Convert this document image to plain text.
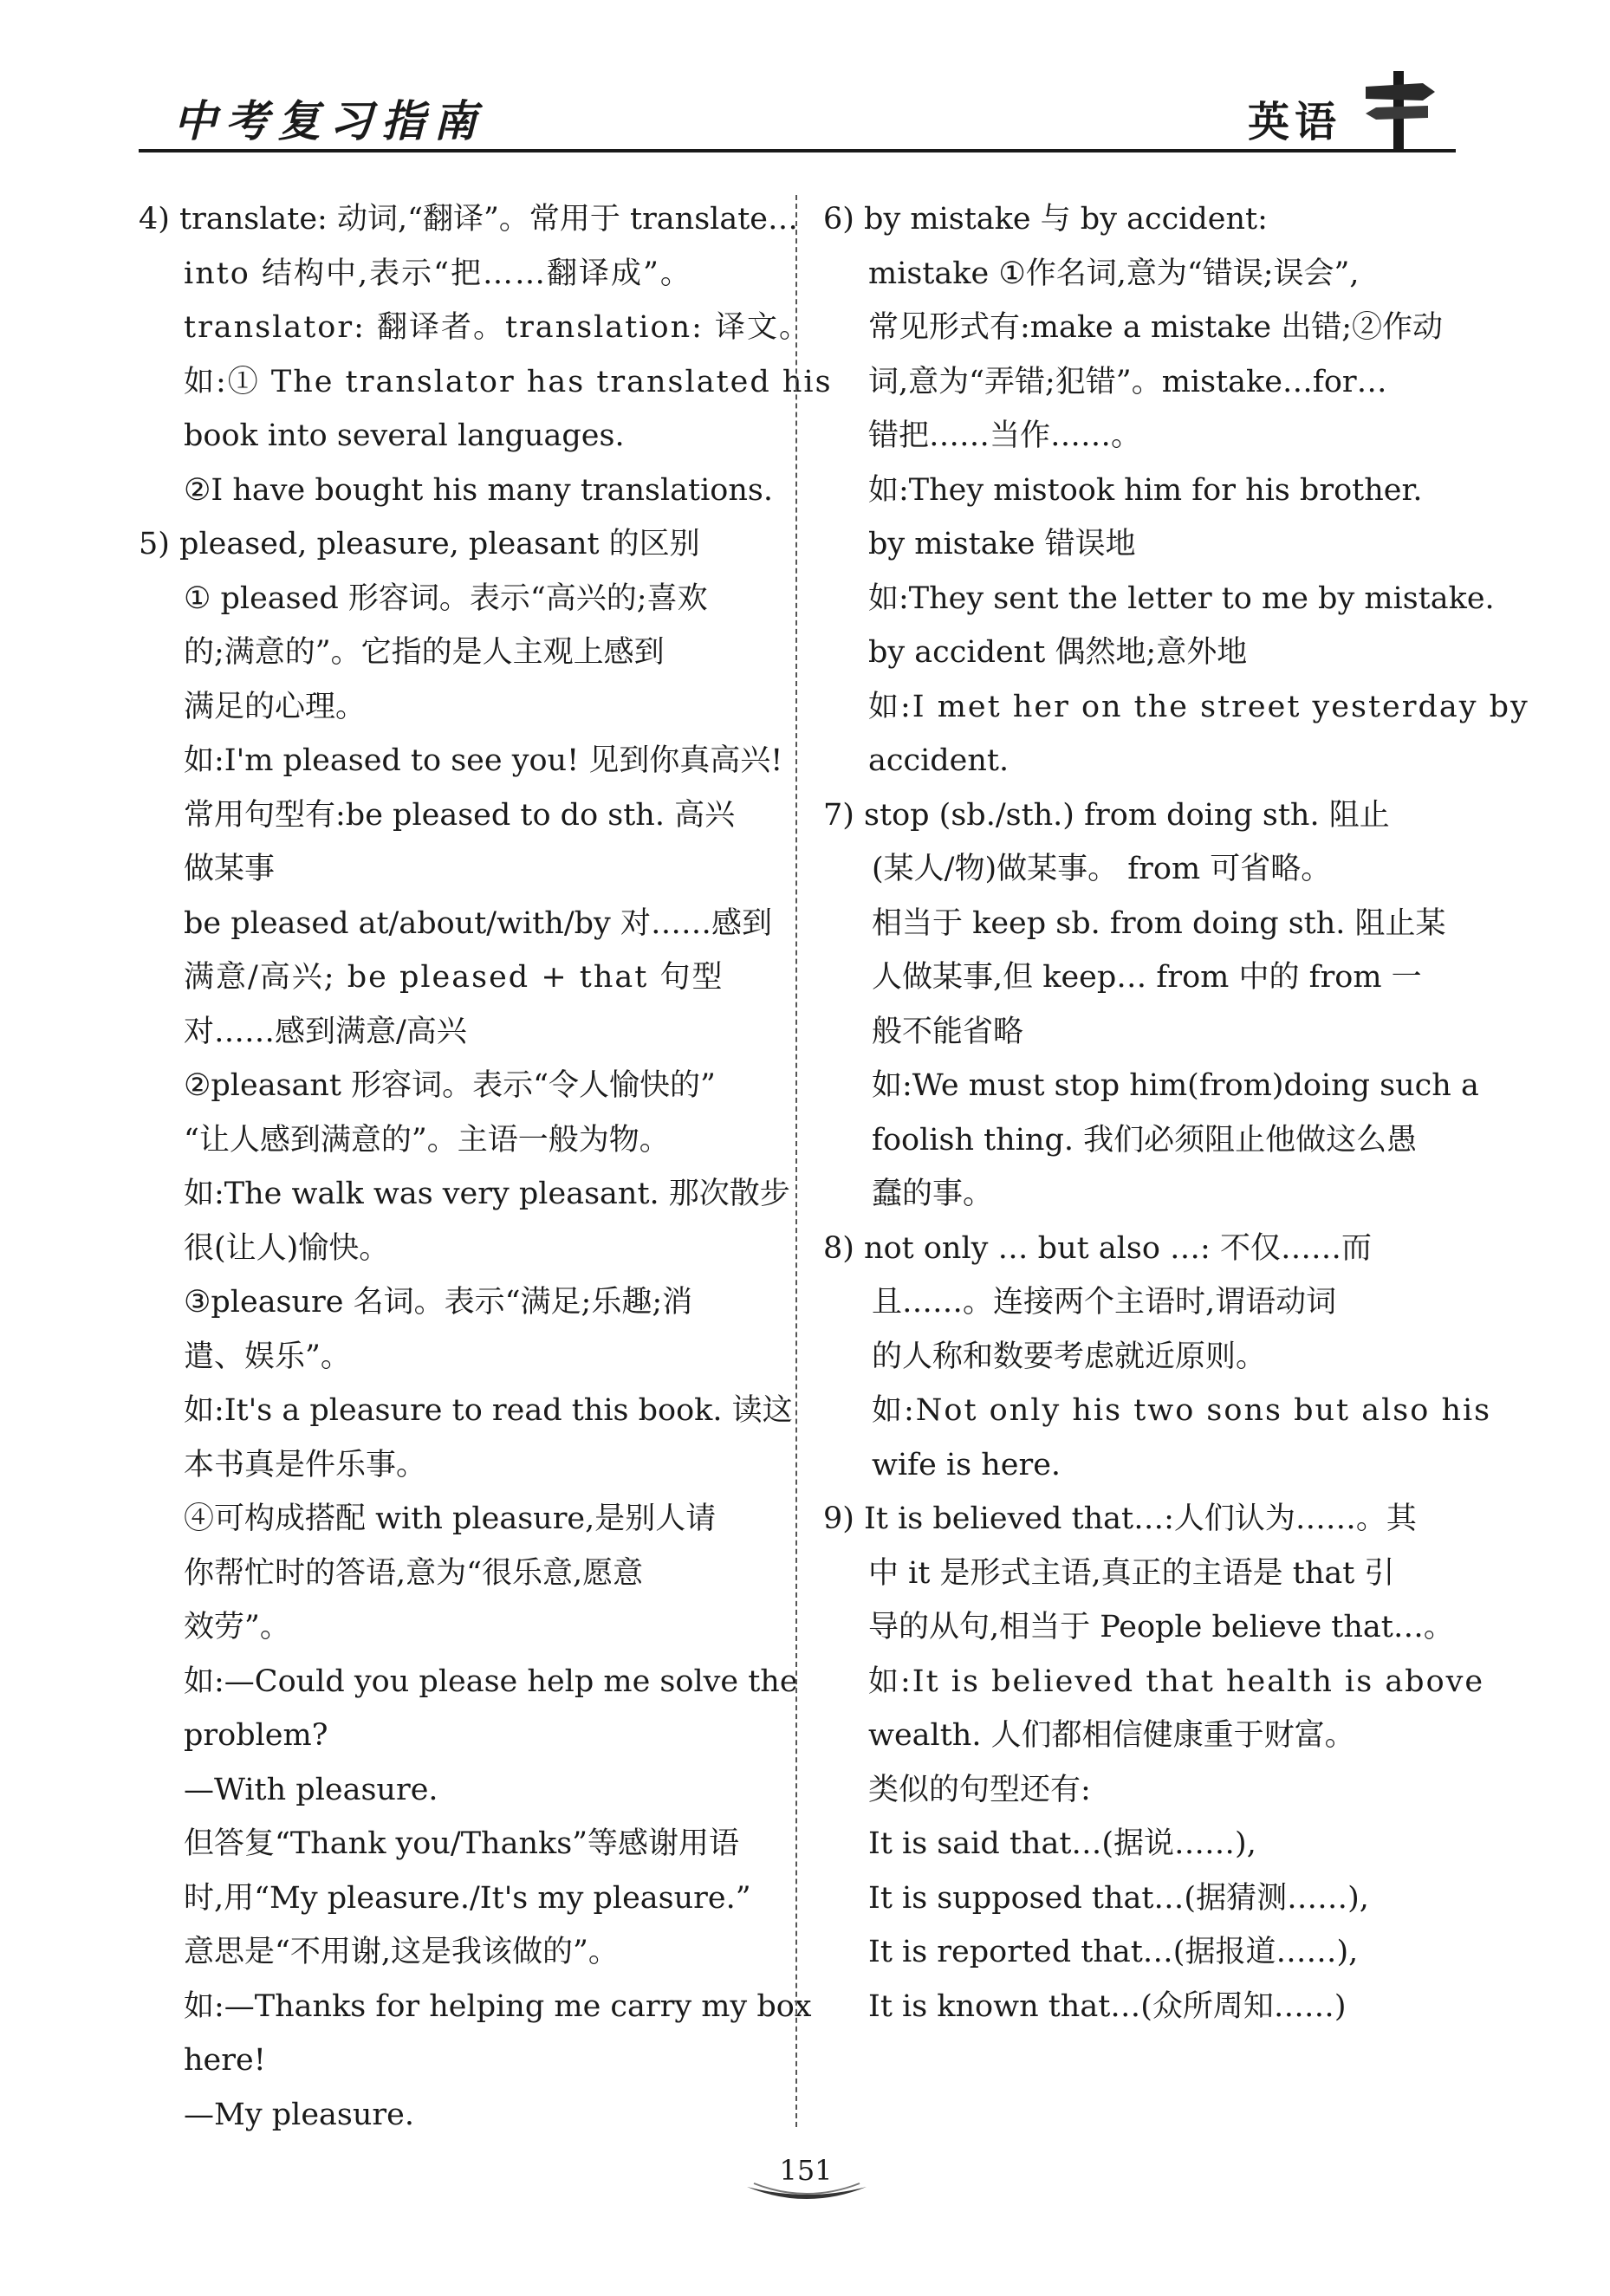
中考复习指南	英语
4) translate: 动词,“翻译”。常用于 translate…
into 结构中,表示“把……翻译成”。
translator: 翻译者。translation: 译文。
如:① The translator has translated his
book into several languages.
②I have bought his many translations.
5) pleased, pleasure, pleasant 的区别
① pleased 形容词。表示“高兴的;喜欢
的;满意的”。它指的是人主观上感到
满足的心理。
如:I'm pleased to see you! 见到你真高兴!
常用句型有:be pleased to do sth. 高兴
做某事
be pleased at/about/with/by 对……感到
满意/高兴; be pleased + that 句型
对……感到满意/高兴
②pleasant 形容词。表示“令人愉快的”
“让人感到满意的”。主语一般为物。
如:The walk was very pleasant. 那次散步
很(让人)愉快。
③pleasure 名词。表示“满足;乐趣;消
遣、娱乐”。
如:It's a pleasure to read this book. 读这
本书真是件乐事。
④可构成搭配 with pleasure,是别人请
你帮忙时的答语,意为“很乐意,愿意
效劳”。
如:—Could you please help me solve the
problem?
—With pleasure.
但答复“Thank you/Thanks”等感谢用语
时,用“My pleasure./It's my pleasure.”
意思是“不用谢,这是我该做的”。
如:—Thanks for helping me carry my box
here!
—My pleasure.
6) by mistake 与 by accident:
mistake ①作名词,意为“错误;误会”,
常见形式有:make a mistake 出错;②作动
词,意为“弄错;犯错”。mistake…for…
错把……当作……。
如:They mistook him for his brother.
by mistake 错误地
如:They sent the letter to me by mistake.
by accident 偶然地;意外地
如:I met her on the street yesterday by
accident.
7) stop (sb./sth.) from doing sth. 阻止
(某人/物)做某事。 from 可省略。
相当于 keep sb. from doing sth. 阻止某
人做某事,但 keep… from 中的 from 一
般不能省略
如:We must stop him(from)doing such a
foolish thing. 我们必须阻止他做这么愚
蠢的事。
8) not only … but also …: 不仅……而
且……。连接两个主语时,谓语动词
的人称和数要考虑就近原则。
如:Not only his two sons but also his
wife is here.
9) It is believed that…:人们认为……。其
中 it 是形式主语,真正的主语是 that 引
导的从句,相当于 People believe that…。
如:It is believed that health is above
wealth. 人们都相信健康重于财富。
类似的句型还有:
It is said that…(据说……),
It is supposed that…(据猜测……),
It is reported that…(据报道……),
It is known that…(众所周知……)
151
